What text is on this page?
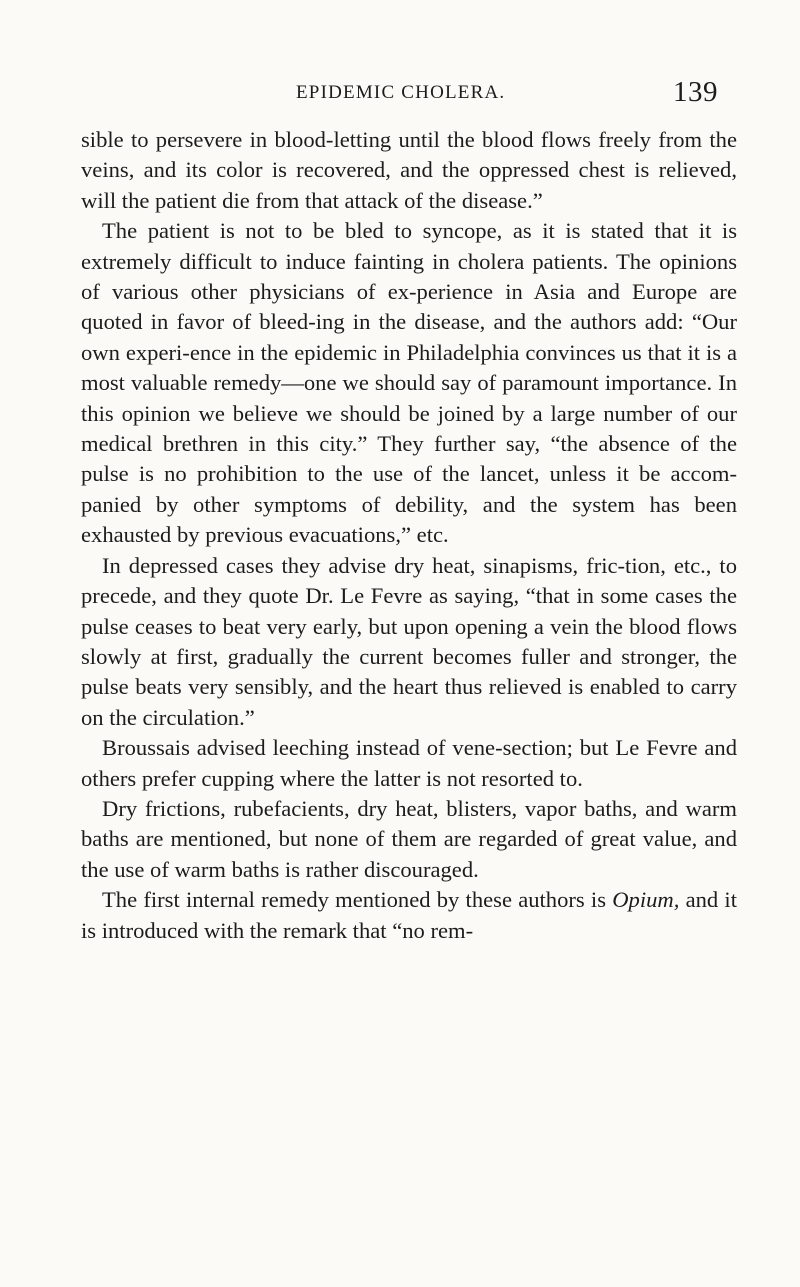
EPIDEMIC CHOLERA.	139

sible to persevere in blood-letting until the blood flows freely from the veins, and its color is recovered, and the oppressed chest is relieved, will the patient die from that attack of the disease.”

The patient is not to be bled to syncope, as it is stated that it is extremely difficult to induce fainting in cholera patients. The opinions of various other physicians of ex-perience in Asia and Europe are quoted in favor of bleed-ing in the disease, and the authors add: “Our own experi-ence in the epidemic in Philadelphia convinces us that it is a most valuable remedy—one we should say of paramount importance. In this opinion we believe we should be joined by a large number of our medical brethren in this city.” They further say, “the absence of the pulse is no prohibition to the use of the lancet, unless it be accom-panied by other symptoms of debility, and the system has been exhausted by previous evacuations,” etc.

In depressed cases they advise dry heat, sinapisms, fric-tion, etc., to precede, and they quote Dr. Le Fevre as saying, “that in some cases the pulse ceases to beat very early, but upon opening a vein the blood flows slowly at first, gradually the current becomes fuller and stronger, the pulse beats very sensibly, and the heart thus relieved is enabled to carry on the circulation.”

Broussais advised leeching instead of vene-section; but Le Fevre and others prefer cupping where the latter is not resorted to.

Dry frictions, rubefacients, dry heat, blisters, vapor baths, and warm baths are mentioned, but none of them are regarded of great value, and the use of warm baths is rather discouraged.

The first internal remedy mentioned by these authors is Opium, and it is introduced with the remark that “no rem-
